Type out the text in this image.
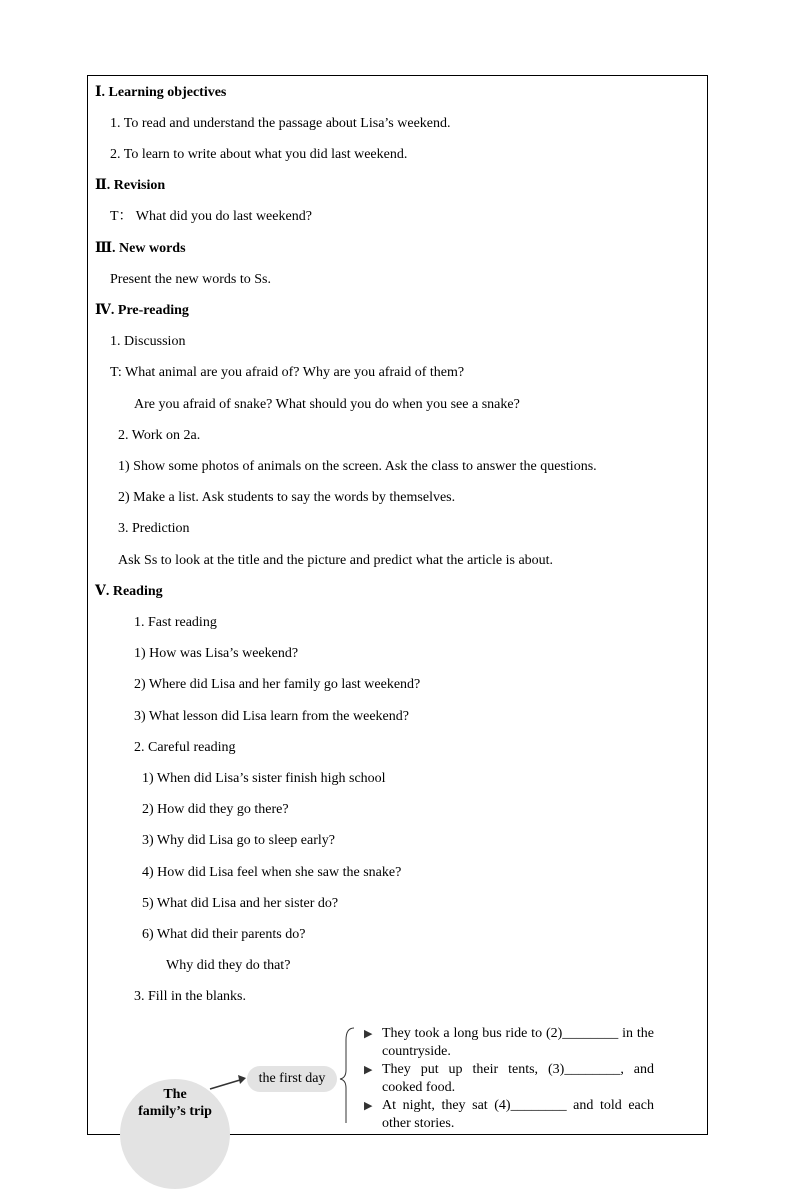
Ⅰ. Learning objectives
1. To read and understand the passage about Lisa’s weekend.
2. To learn to write about what you did last weekend.
Ⅱ. Revision
T： What did you do last weekend?
Ⅲ. New words
Present the new words to Ss.
Ⅳ. Pre-reading
1. Discussion
T: What animal are you afraid of? Why are you afraid of them?
Are you afraid of snake? What should you do when you see a snake?
2. Work on 2a.
1) Show some photos of animals on the screen. Ask the class to answer the questions.
2) Make a list. Ask students to say the words by themselves.
3. Prediction
Ask Ss to look at the title and the picture and predict what the article is about.
Ⅴ. Reading
1. Fast reading
1) How was Lisa’s weekend?
2) Where did Lisa and her family go last weekend?
3) What lesson did Lisa learn from the weekend?
2. Careful reading
1) When did Lisa’s sister finish high school
2) How did they go there?
3) Why did Lisa go to sleep early?
4) How did Lisa feel when she saw the snake?
5) What did Lisa and her sister do?
6) What did their parents do?
Why did they do that?
3. Fill in the blanks.
The
family’s trip
the first day
▶ They took a long bus ride to (2)________ in the countryside.
▶ They put up their tents, (3)________, and cooked food.
▶ At night, they sat (4)________ and told each other stories.
